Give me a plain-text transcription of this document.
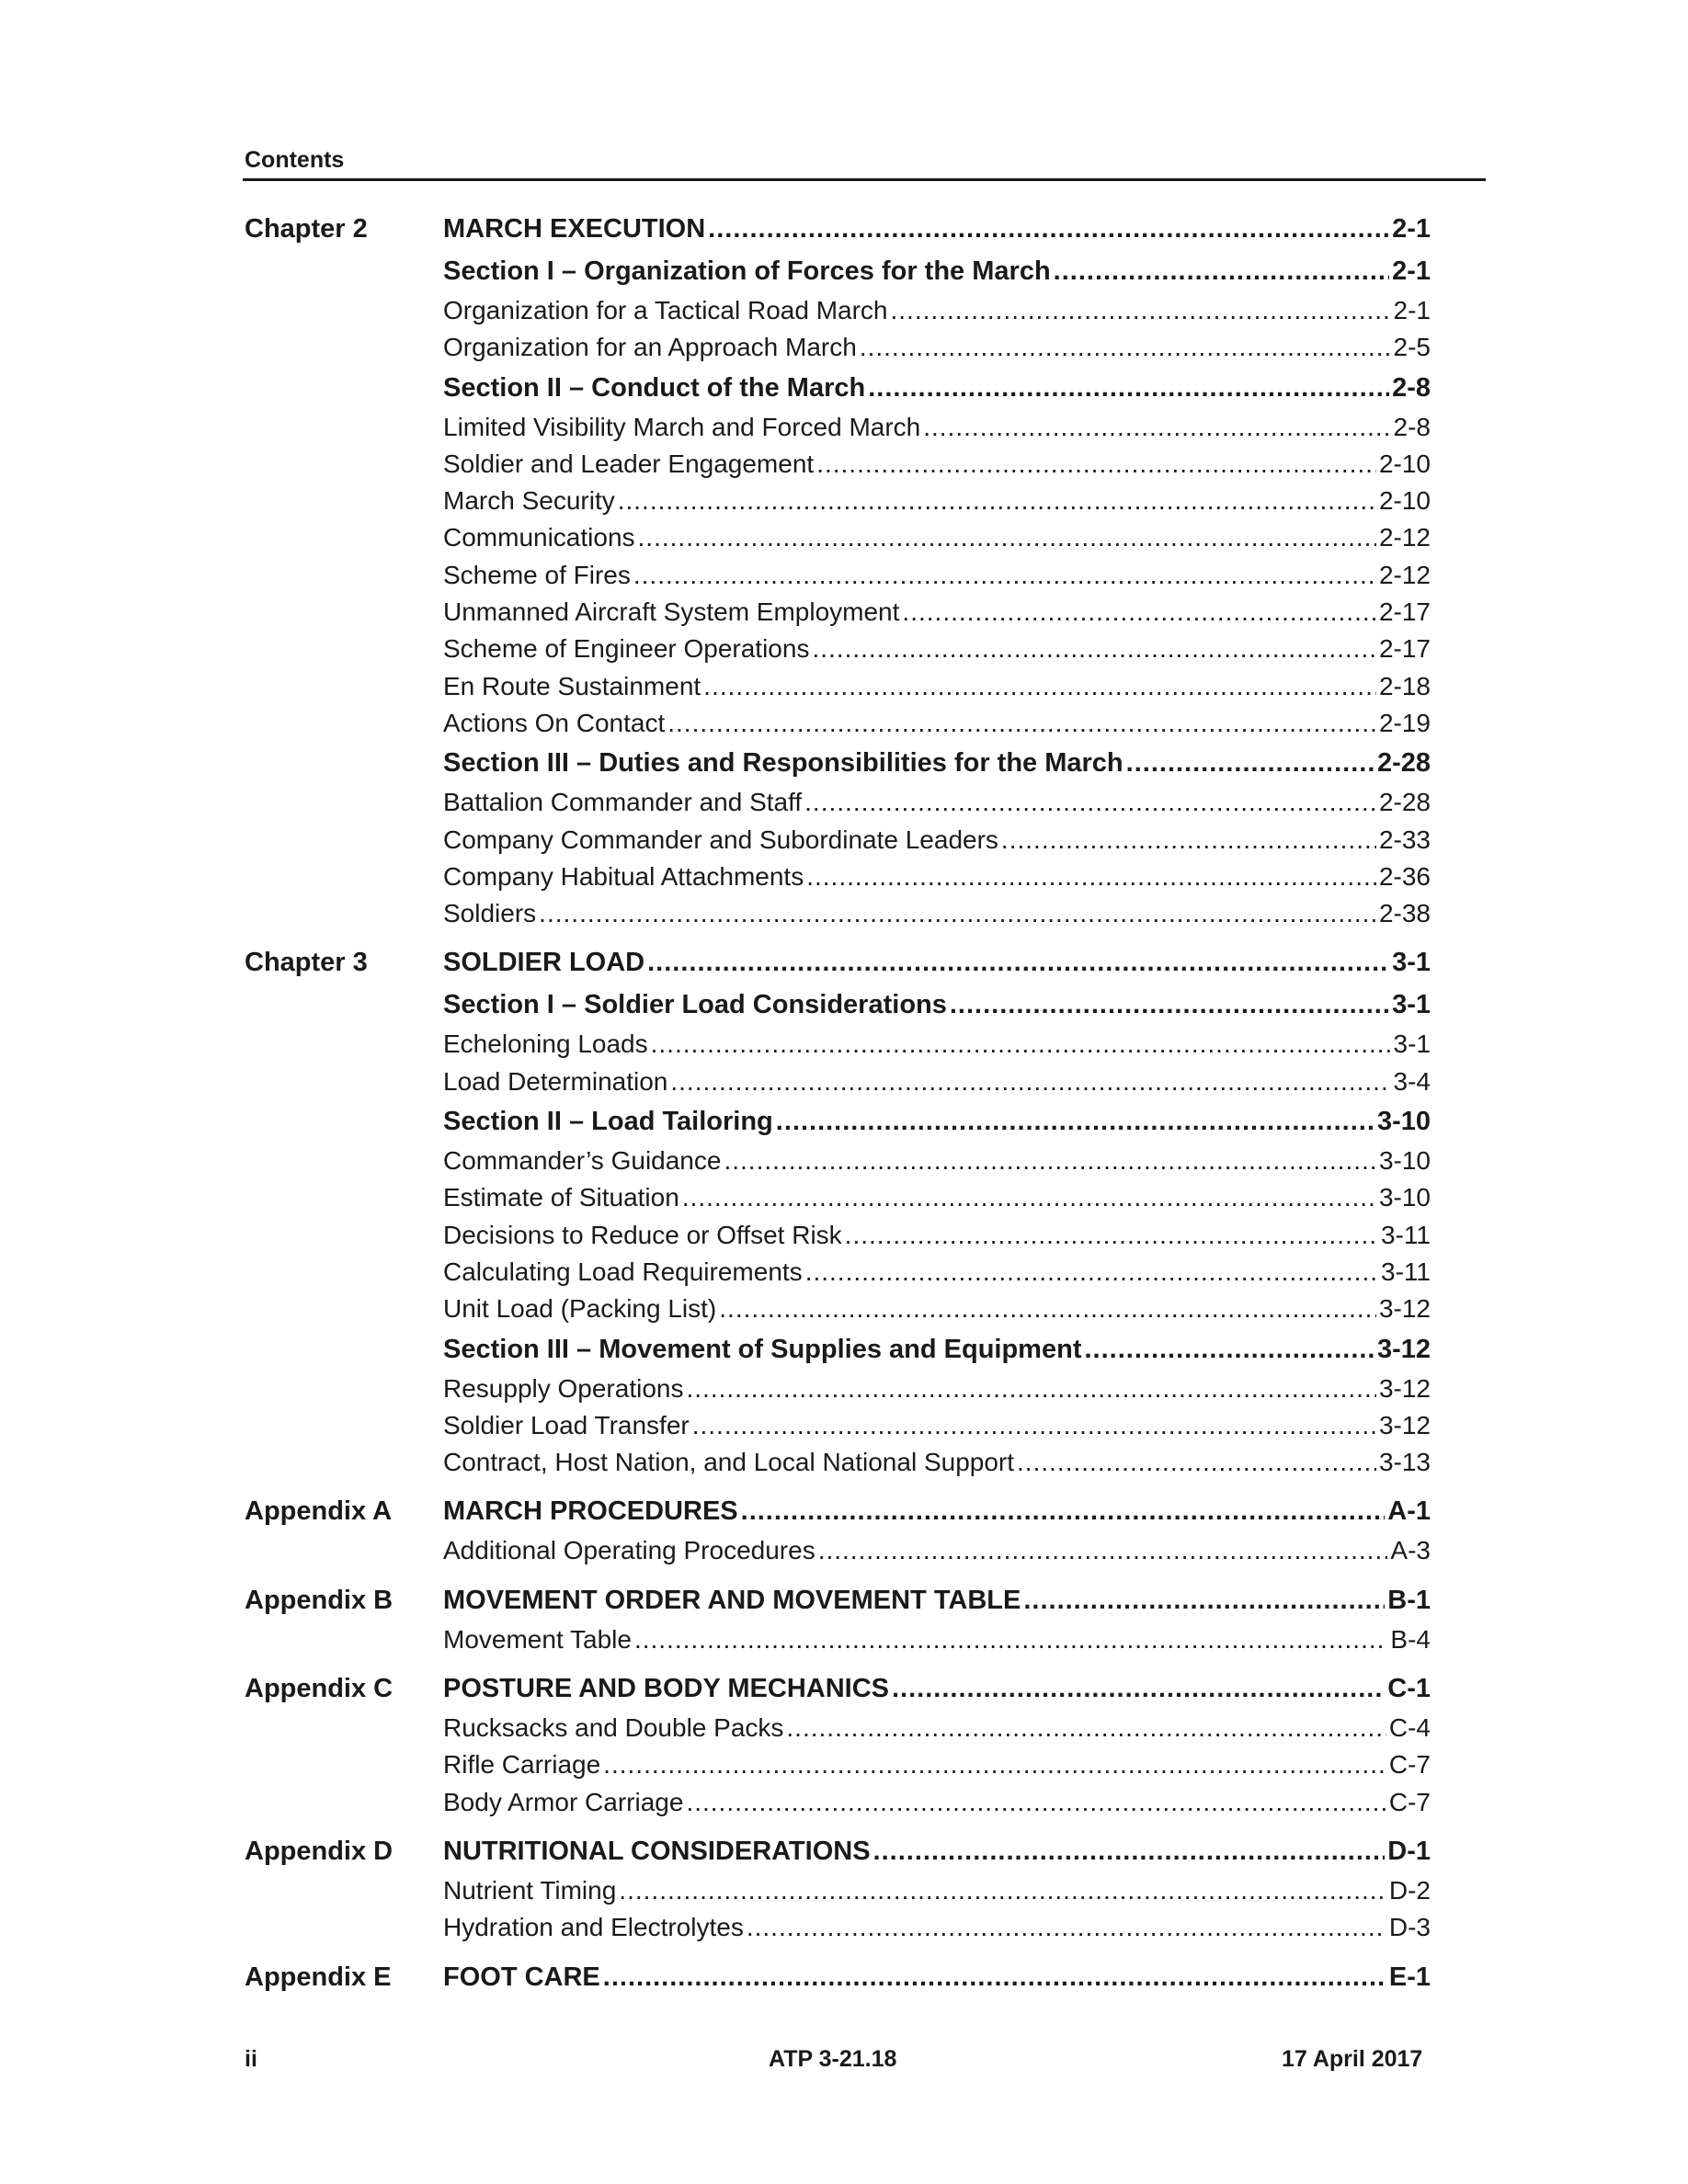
Contents
Chapter 2	MARCH EXECUTION .....	2-1
Section I – Organization of Forces for the March .....	2-1
Organization for a Tactical Road March .....	2-1
Organization for an Approach March .....	2-5
Section II – Conduct of the March .....	2-8
Limited Visibility March and Forced March .....	2-8
Soldier and Leader Engagement .....	2-10
March Security .....	2-10
Communications .....	2-12
Scheme of Fires .....	2-12
Unmanned Aircraft System Employment .....	2-17
Scheme of Engineer Operations .....	2-17
En Route Sustainment .....	2-18
Actions On Contact .....	2-19
Section III – Duties and Responsibilities for the March .....	2-28
Battalion Commander and Staff .....	2-28
Company Commander and Subordinate Leaders .....	2-33
Company Habitual Attachments .....	2-36
Soldiers .....	2-38
Chapter 3	SOLDIER LOAD .....	3-1
Section I – Soldier Load Considerations .....	3-1
Echeloning Loads .....	3-1
Load Determination .....	3-4
Section II – Load Tailoring .....	3-10
Commander’s Guidance .....	3-10
Estimate of Situation .....	3-10
Decisions to Reduce or Offset Risk .....	3-11
Calculating Load Requirements .....	3-11
Unit Load (Packing List) .....	3-12
Section III – Movement of Supplies and Equipment .....	3-12
Resupply Operations .....	3-12
Soldier Load Transfer .....	3-12
Contract, Host Nation, and Local National Support .....	3-13
Appendix A MARCH PROCEDURES .....	A-1
Additional Operating Procedures .....	A-3
Appendix B MOVEMENT ORDER AND MOVEMENT TABLE .....	B-1
Movement Table .....	B-4
Appendix C POSTURE AND BODY MECHANICS .....	C-1
Rucksacks and Double Packs .....	C-4
Rifle Carriage .....	C-7
Body Armor Carriage .....	C-7
Appendix D NUTRITIONAL CONSIDERATIONS .....	D-1
Nutrient Timing .....	D-2
Hydration and Electrolytes .....	D-3
Appendix E FOOT CARE .....	E-1
ii	ATP 3-21.18	17 April 2017
